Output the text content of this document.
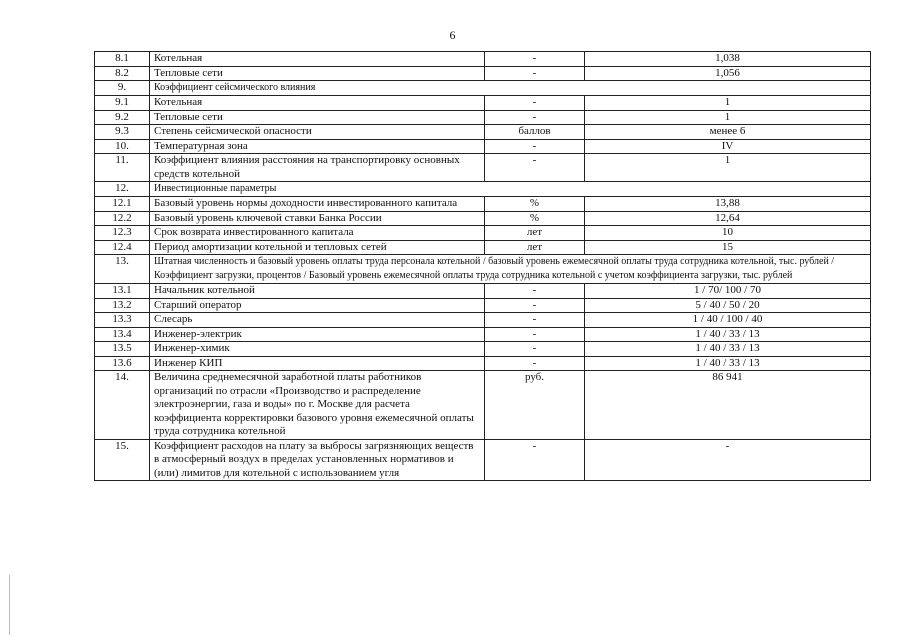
6
8.1	Котельная	-	1,038
8.2	Тепловые сети	-	1,056
9.	Коэффициент сейсмического влияния		
9.1	Котельная	-	1
9.2	Тепловые сети	-	1
9.3	Степень сейсмической опасности	баллов	менее 6
10.	Температурная зона	-	IV
11.	Коэффициент влияния расстояния на транспортировку основных средств котельной	-	1
12.	Инвестиционные параметры		
12.1	Базовый уровень нормы доходности инвестированного капитала	%	13,88
12.2	Базовый уровень ключевой ставки Банка России	%	12,64
12.3	Срок возврата инвестированного капитала	лет	10
12.4	Период амортизации котельной и тепловых сетей	лет	15
13.	Штатная численность и базовый уровень оплаты труда персонала котельной / базовый уровень ежемесячной оплаты труда сотрудника котельной, тыс. рублей / Коэффициент загрузки, процентов / Базовый уровень ежемесячной оплаты труда сотрудника котельной с учетом коэффициента загрузки, тыс. рублей		
13.1	Начальник котельной	-	1 / 70/ 100 / 70
13.2	Старший оператор	-	5 / 40 / 50 / 20
13.3	Слесарь	-	1 / 40 / 100 / 40
13.4	Инженер-электрик	-	1 / 40 / 33 / 13
13.5	Инженер-химик	-	1 / 40 / 33 / 13
13.6	Инженер КИП	-	1 / 40 / 33 / 13
14.	Величина среднемесячной заработной платы работников организаций по отрасли «Производство и распределение электроэнергии, газа и воды» по г. Москве для расчета коэффициента корректировки базового уровня ежемесячной оплаты труда сотрудника котельной	руб.	86 941
15.	Коэффициент расходов на плату за выбросы загрязняющих веществ в атмосферный воздух в пределах установленных нормативов и (или) лимитов для котельной с использованием угля	-	-
